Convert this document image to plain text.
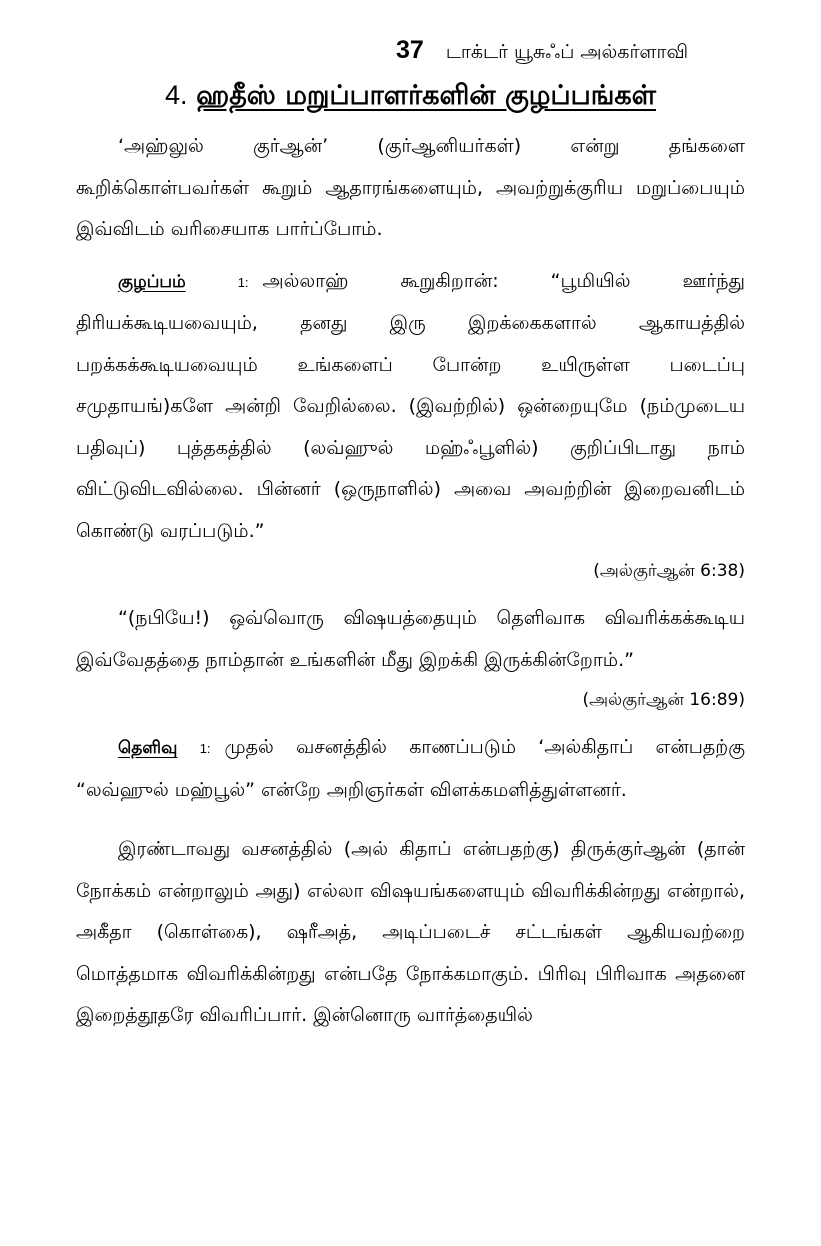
37 டாக்டர் யூசுஃப் அல்கர்ளாவி
4. ஹதீஸ் மறுப்பாளர்களின் குழப்பங்கள்

‘அஹ்லுல் குர்ஆன்’ (குர்ஆனியர்கள்) என்று தங்களை கூறிக்கொள்பவர்கள் கூறும் ஆதாரங்களையும், அவற்றுக்குரிய மறுப்பையும் இவ்விடம் வரிசையாக பார்ப்போம்.

குழப்பம்	1: அல்லாஹ் கூறுகிறான்: “பூமியில் ஊர்ந்து திரியக்கூடியவையும், தனது இரு இறக்கைகளால் ஆகாயத்தில் பறக்கக்கூடியவையும் உங்களைப் போன்ற உயிருள்ள படைப்பு சமுதாயங்)களே அன்றி வேறில்லை. (இவற்றில்) ஒன்றையுமே (நம்முடைய பதிவுப்) புத்தகத்தில் (லவ்ஹுல் மஹ்ஃபூளில்) குறிப்பிடாது நாம் விட்டுவிடவில்லை. பின்னர் (ஒருநாளில்) அவை அவற்றின் இறைவனிடம் கொண்டு வரப்படும்.”

(அல்குர்ஆன் 6:38)

“(நபியே!) ஒவ்வொரு விஷயத்தையும் தெளிவாக விவரிக்கக்கூடிய இவ்வேதத்தை நாம்தான் உங்களின் மீது இறக்கி இருக்கின்றோம்.”

(அல்குர்ஆன் 16:89)

தெளிவு 1: முதல் வசனத்தில் காணப்படும் ‘அல்கிதாப் என்பதற்கு “லவ்ஹுல் மஹ்பூல்” என்றே அறிஞர்கள் விளக்கமளித்துள்ளனர்.

இரண்டாவது வசனத்தில் (அல் கிதாப் என்பதற்கு) திருக்குர்ஆன் (தான் நோக்கம் என்றாலும் அது) எல்லா விஷயங்களையும் விவரிக்கின்றது என்றால், அகீதா (கொள்கை), ஷரீஅத், அடிப்படைச் சட்டங்கள் ஆகியவற்றை மொத்தமாக விவரிக்கின்றது என்பதே நோக்கமாகும். பிரிவு பிரிவாக அதனை இறைத்தூதரே விவரிப்பார். இன்னொரு வார்த்தையில்
